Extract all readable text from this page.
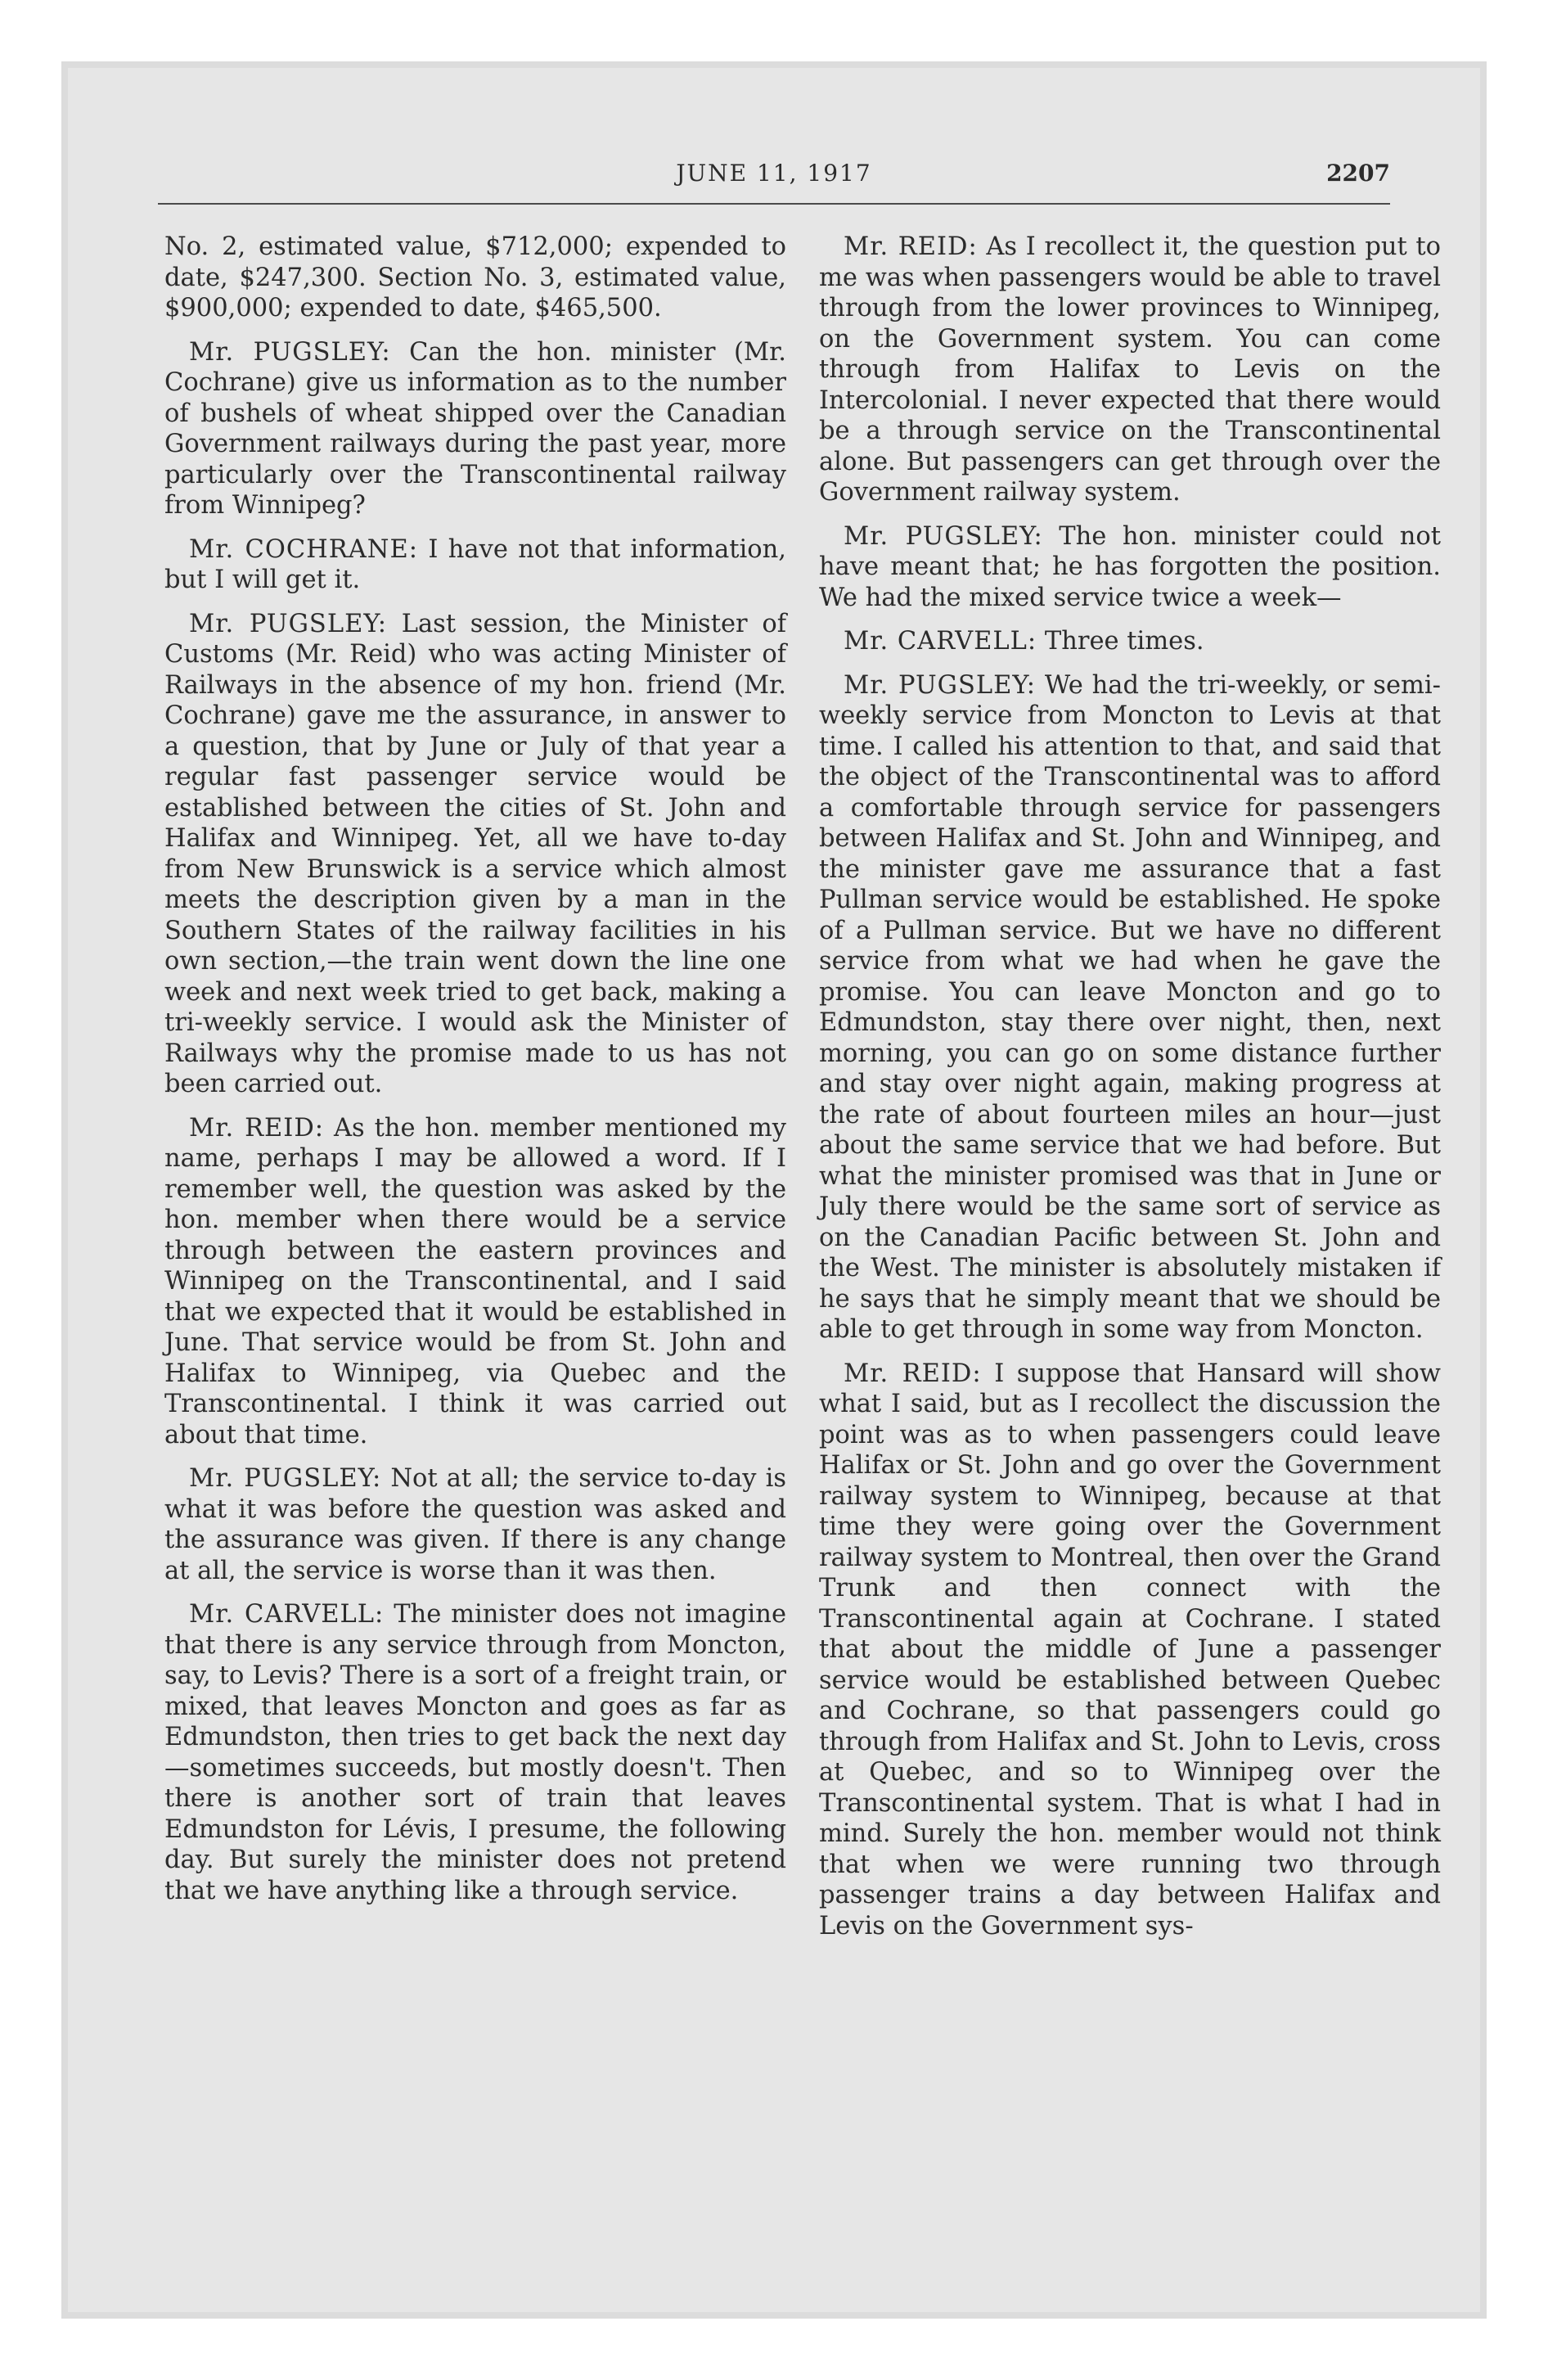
JUNE 11, 1917	2207

No. 2, estimated value, $712,000; expended to date, $247,300. Section No. 3, estimated value, $900,000; expended to date, $465,500.

Mr. PUGSLEY: Can the hon. minister (Mr. Cochrane) give us information as to the number of bushels of wheat shipped over the Canadian Government railways during the past year, more particularly over the Transcontinental railway from Winnipeg?

Mr. COCHRANE: I have not that information, but I will get it.

Mr. PUGSLEY: Last session, the Minister of Customs (Mr. Reid) who was acting Minister of Railways in the absence of my hon. friend (Mr. Cochrane) gave me the assurance, in answer to a question, that by June or July of that year a regular fast passenger service would be established between the cities of St. John and Halifax and Winnipeg. Yet, all we have to-day from New Brunswick is a service which almost meets the description given by a man in the Southern States of the railway facilities in his own section,—the train went down the line one week and next week tried to get back, making a tri-weekly service. I would ask the Minister of Railways why the promise made to us has not been carried out.

Mr. REID: As the hon. member mentioned my name, perhaps I may be allowed a word. If I remember well, the question was asked by the hon. member when there would be a service through between the eastern provinces and Winnipeg on the Transcontinental, and I said that we expected that it would be established in June. That service would be from St. John and Halifax to Winnipeg, via Quebec and the Transcontinental. I think it was carried out about that time.

Mr. PUGSLEY: Not at all; the service to-day is what it was before the question was asked and the assurance was given. If there is any change at all, the service is worse than it was then.

Mr. CARVELL: The minister does not imagine that there is any service through from Moncton, say, to Levis? There is a sort of a freight train, or mixed, that leaves Moncton and goes as far as Edmundston, then tries to get back the next day—sometimes succeeds, but mostly doesn't. Then there is another sort of train that leaves Edmundston for Lévis, I presume, the following day. But surely the minister does not pretend that we have anything like a through service.

Mr. REID: As I recollect it, the question put to me was when passengers would be able to travel through from the lower provinces to Winnipeg, on the Government system. You can come through from Halifax to Levis on the Intercolonial. I never expected that there would be a through service on the Transcontinental alone. But passengers can get through over the Government railway system.

Mr. PUGSLEY: The hon. minister could not have meant that; he has forgotten the position. We had the mixed service twice a week—

Mr. CARVELL: Three times.

Mr. PUGSLEY: We had the tri-weekly, or semi-weekly service from Moncton to Levis at that time. I called his attention to that, and said that the object of the Transcontinental was to afford a comfortable through service for passengers between Halifax and St. John and Winnipeg, and the minister gave me assurance that a fast Pullman service would be established. He spoke of a Pullman service. But we have no different service from what we had when he gave the promise. You can leave Moncton and go to Edmundston, stay there over night, then, next morning, you can go on some distance further and stay over night again, making progress at the rate of about fourteen miles an hour—just about the same service that we had before. But what the minister promised was that in June or July there would be the same sort of service as on the Canadian Pacific between St. John and the West. The minister is absolutely mistaken if he says that he simply meant that we should be able to get through in some way from Moncton.

Mr. REID: I suppose that Hansard will show what I said, but as I recollect the discussion the point was as to when passengers could leave Halifax or St. John and go over the Government railway system to Winnipeg, because at that time they were going over the Government railway system to Montreal, then over the Grand Trunk and then connect with the Transcontinental again at Cochrane. I stated that about the middle of June a passenger service would be established between Quebec and Cochrane, so that passengers could go through from Halifax and St. John to Levis, cross at Quebec, and so to Winnipeg over the Transcontinental system. That is what I had in mind. Surely the hon. member would not think that when we were running two through passenger trains a day between Halifax and Levis on the Government sys-
